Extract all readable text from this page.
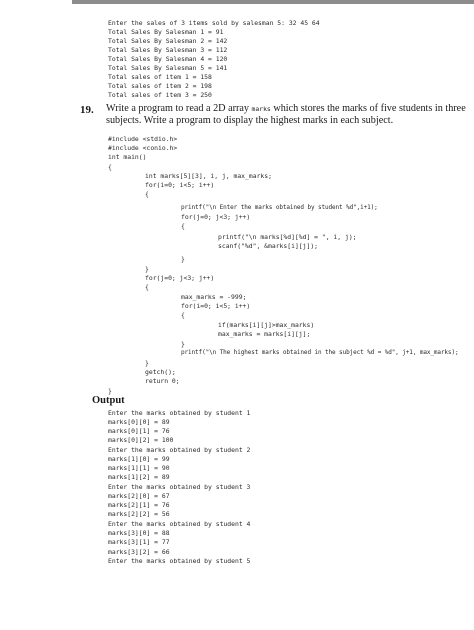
Enter the sales of 3 items sold by salesman 5: 32 45 64
Total Sales By Salesman 1 = 91
Total Sales By Salesman 2 = 142
Total Sales By Salesman 3 = 112
Total Sales By Salesman 4 = 120
Total Sales By Salesman 5 = 141
Total sales of item 1 = 158
Total sales of item 2 = 198
Total sales of item 3 = 250
19. Write a program to read a 2D array marks which stores the marks of five students in three
subjects. Write a program to display the highest marks in each subject.
#include <stdio.h>
#include <conio.h>
int main()
{
int marks[5][3], i, j, max_marks;
for(i=0; i<5; i++)
{
printf("\n Enter the marks obtained by student %d",i+1);
for(j=0; j<3; j++)
{
printf("\n marks[%d][%d] = ", i, j);
scanf("%d", &marks[i][j]);
}
}
for(j=0; j<3; j++)
{
max_marks = -999;
for(i=0; i<5; i++)
{
if(marks[i][j]>max_marks)
max_marks = marks[i][j];
}
printf("\n The highest marks obtained in the subject %d = %d", j+1, max_marks);
}
getch();
return 0;
}
Output
Enter the marks obtained by student 1
marks[0][0] = 89
marks[0][1] = 76
marks[0][2] = 100
Enter the marks obtained by student 2
marks[1][0] = 99
marks[1][1] = 90
marks[1][2] = 89
Enter the marks obtained by student 3
marks[2][0] = 67
marks[2][1] = 76
marks[2][2] = 56
Enter the marks obtained by student 4
marks[3][0] = 88
marks[3][1] = 77
marks[3][2] = 66
Enter the marks obtained by student 5
